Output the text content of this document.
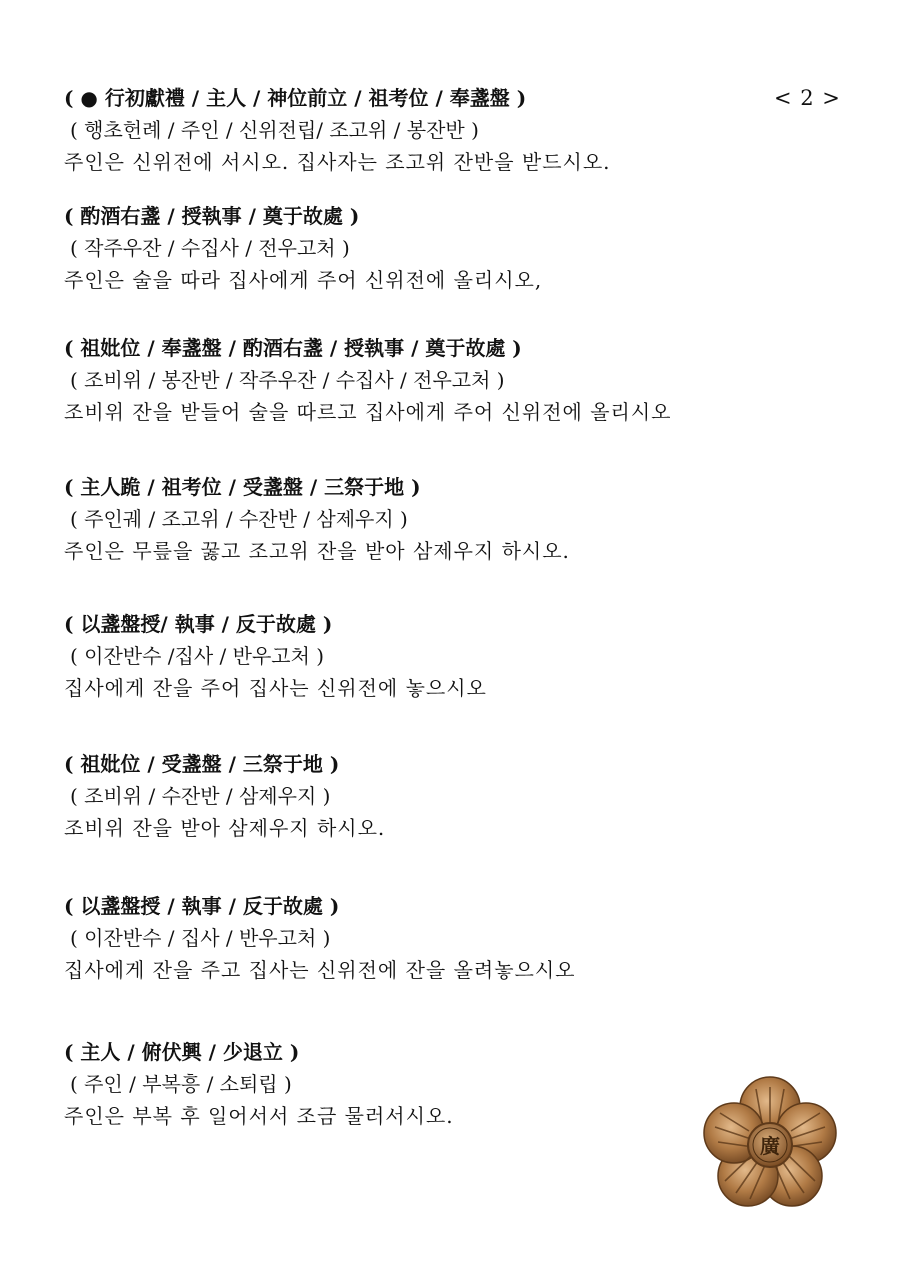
< 2 >
( ● 行初獻禮 / 主人 / 神位前立 / 祖考位 / 奉盞盤 )
( 행초헌례 / 주인 / 신위전립/ 조고위 / 봉잔반 )
주인은 신위전에 서시오. 집사자는 조고위 잔반을 받드시오.
( 酌酒右盞 / 授執事 / 奠于故處 )
( 작주우잔 / 수집사 / 전우고처 )
주인은 술을 따라 집사에게 주어 신위전에 올리시오,
( 祖妣位 / 奉盞盤 / 酌酒右盞 / 授執事 / 奠于故處 )
( 조비위 / 봉잔반 / 작주우잔 / 수집사 / 전우고처 )
조비위 잔을 받들어 술을 따르고 집사에게 주어 신위전에 올리시오
( 主人跪 / 祖考位 / 受盞盤 / 三祭于地 )
( 주인궤 / 조고위 / 수잔반 / 삼제우지 )
주인은 무릎을 꿇고 조고위 잔을 받아 삼제우지 하시오.
( 以盞盤授/ 執事 / 反于故處 )
( 이잔반수 /집사 / 반우고처 )
집사에게 잔을 주어 집사는 신위전에 놓으시오
( 祖妣位 / 受盞盤 / 三祭于地 )
( 조비위 / 수잔반 / 삼제우지 )
조비위 잔을 받아 삼제우지 하시오.
( 以盞盤授 / 執事 / 反于故處 )
( 이잔반수 / 집사 / 반우고처 )
집사에게 잔을 주고 집사는 신위전에 잔을 올려놓으시오
( 主人 / 俯伏興 / 少退立 )
( 주인 / 부복흥 / 소퇴립 )
주인은 부복 후 일어서서 조금 물러서시오.
廣
